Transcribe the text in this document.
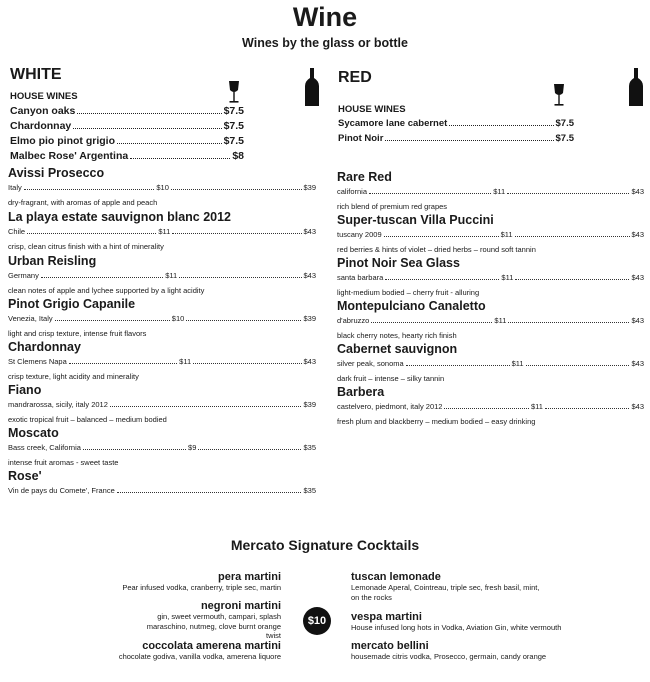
Wine
Wines by the glass or bottle
WHITE	RED
HOUSE WINES
Canyon oaks	$7.5
Chardonnay	$7.5
Elmo pio pinot grigio	$7.5
Malbec Rose' Argentina	$8
Avissi Prosecco
Italy	$10	$39
dry-fragrant, with aromas of apple and peach
La playa estate sauvignon blanc 2012
Chile	$11	$43
crisp, clean citrus finish with a hint of minerality
Urban Reisling
Germany	$11	$43
clean notes of apple and lychee supported by a light acidity
Pinot Grigio Capanile
Venezia, Italy	$10	$39
light and crisp texture, intense fruit flavors
Chardonnay
St Clemens Napa	$11	$43
crisp texture, light acidity and minerality
Fiano
mandrarossa, sicily, italy 2012	$39
exotic tropical fruit – balanced – medium bodied
Moscato
Bass creek, California	$9	$35
intense fruit aromas - sweet taste
Rose'
Vin de pays du Comete', France	$35
HOUSE WINES
Sycamore lane cabernet	$7.5
Pinot Noir	$7.5
Rare Red
california	$11	$43
rich blend of premium red grapes
Super-tuscan Villa Puccini
tuscany 2009	$11	$43
red berries & hints of violet – dried herbs – round soft tannin
Pinot Noir Sea Glass
santa barbara	$11	$43
light-medium bodied – cherry fruit - alluring
Montepulciano Canaletto
d'abruzzo	$11	$43
black cherry notes, hearty rich finish
Cabernet sauvignon
silver peak, sonoma	$11	$43
dark fruit – intense – silky tannin
Barbera
castelvero, piedmont, italy 2012	$11	$43
fresh plum and blackberry – medium bodied – easy drinking
Mercato Signature Cocktails
pera martini
Pear infused vodka, cranberry, triple sec, martin
negroni martini
gin, sweet vermouth, campari, splash maraschino, nutmeg, clove burnt orange twist
coccolata amerena martini
chocolate godiva, vanilla vodka, amerena liquore
$10
tuscan lemonade
Lemonade Aperal, Cointreau, triple sec, fresh basil, mint, on the rocks
vespa martini
House infused long hots in Vodka, Aviation Gin, white vermouth
mercato bellini
housemade citris vodka, Prosecco, germain, candy orange
